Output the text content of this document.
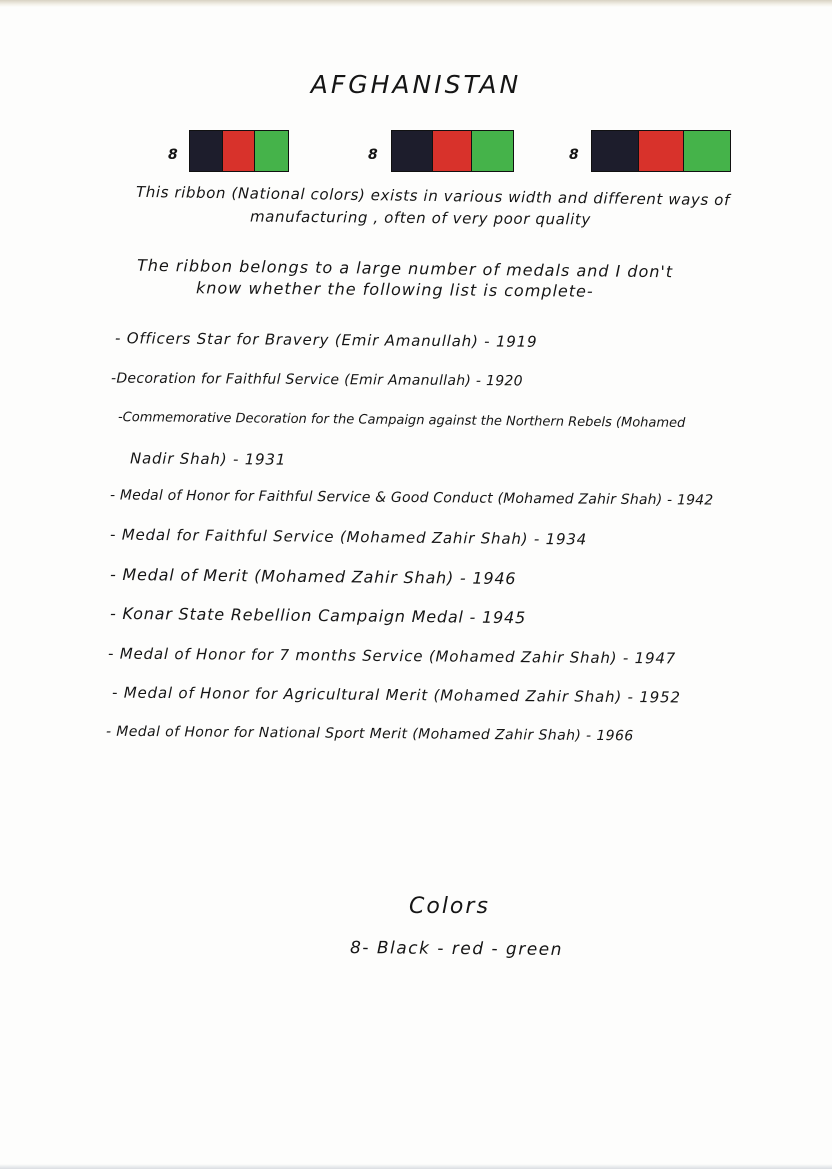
AFGHANISTAN
8	8	8
This ribbon (National colors) exists in various width and different ways of
manufacturing , often of very poor quality
The ribbon belongs to a large number of medals and I don't
know whether the following list is complete-
- Officers Star for Bravery (Emir Amanullah) - 1919
-Decoration for Faithful Service (Emir Amanullah) - 1920
-Commemorative Decoration for the Campaign against the Northern Rebels (Mohamed
Nadir Shah) - 1931
- Medal of Honor for Faithful Service & Good Conduct (Mohamed Zahir Shah) - 1942
- Medal for Faithful Service (Mohamed Zahir Shah) - 1934
- Medal of Merit (Mohamed Zahir Shah) - 1946
- Konar State Rebellion Campaign Medal - 1945
- Medal of Honor for 7 months Service (Mohamed Zahir Shah) - 1947
- Medal of Honor for Agricultural Merit (Mohamed Zahir Shah) - 1952
- Medal of Honor for National Sport Merit (Mohamed Zahir Shah) - 1966
Colors
8- Black - red - green
